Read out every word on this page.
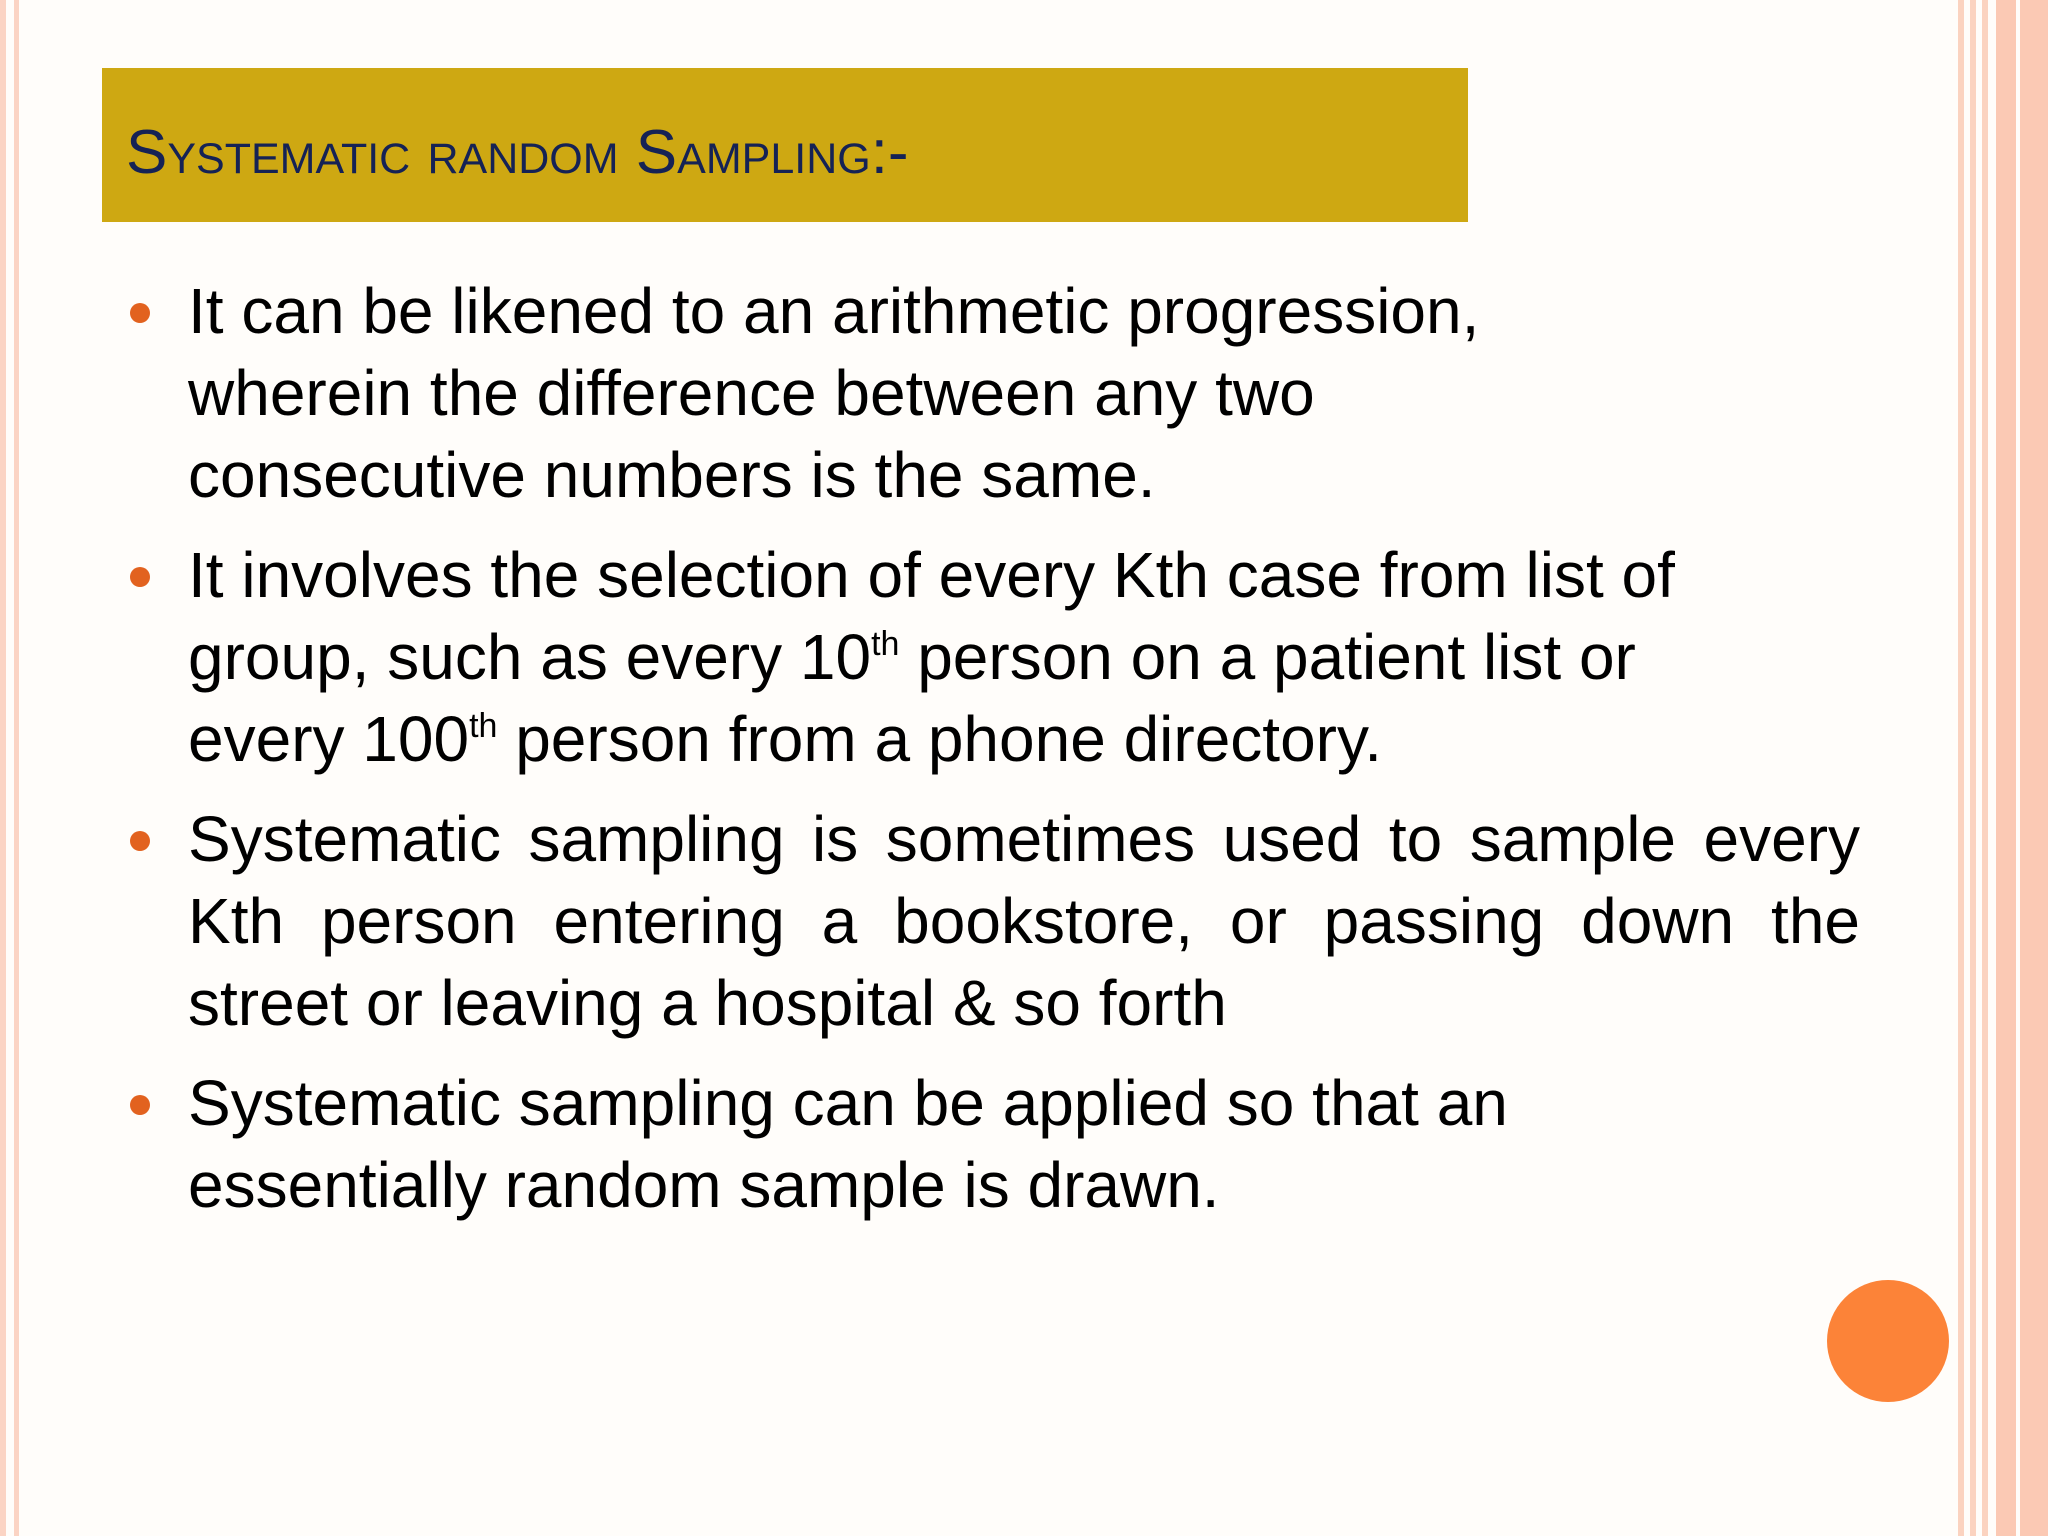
Systematic random Sampling:-
It can be likened to an arithmetic progression,
wherein the difference between any two
consecutive numbers is the same.
It involves the selection of every Kth case from list of
group, such as every 10th person on a patient list or
every 100th person from a phone directory.
Systematic sampling is sometimes used to sample every Kth person entering a bookstore, or passing down the street or leaving a hospital & so forth
Systematic sampling can be applied so that an
essentially random sample is drawn.
